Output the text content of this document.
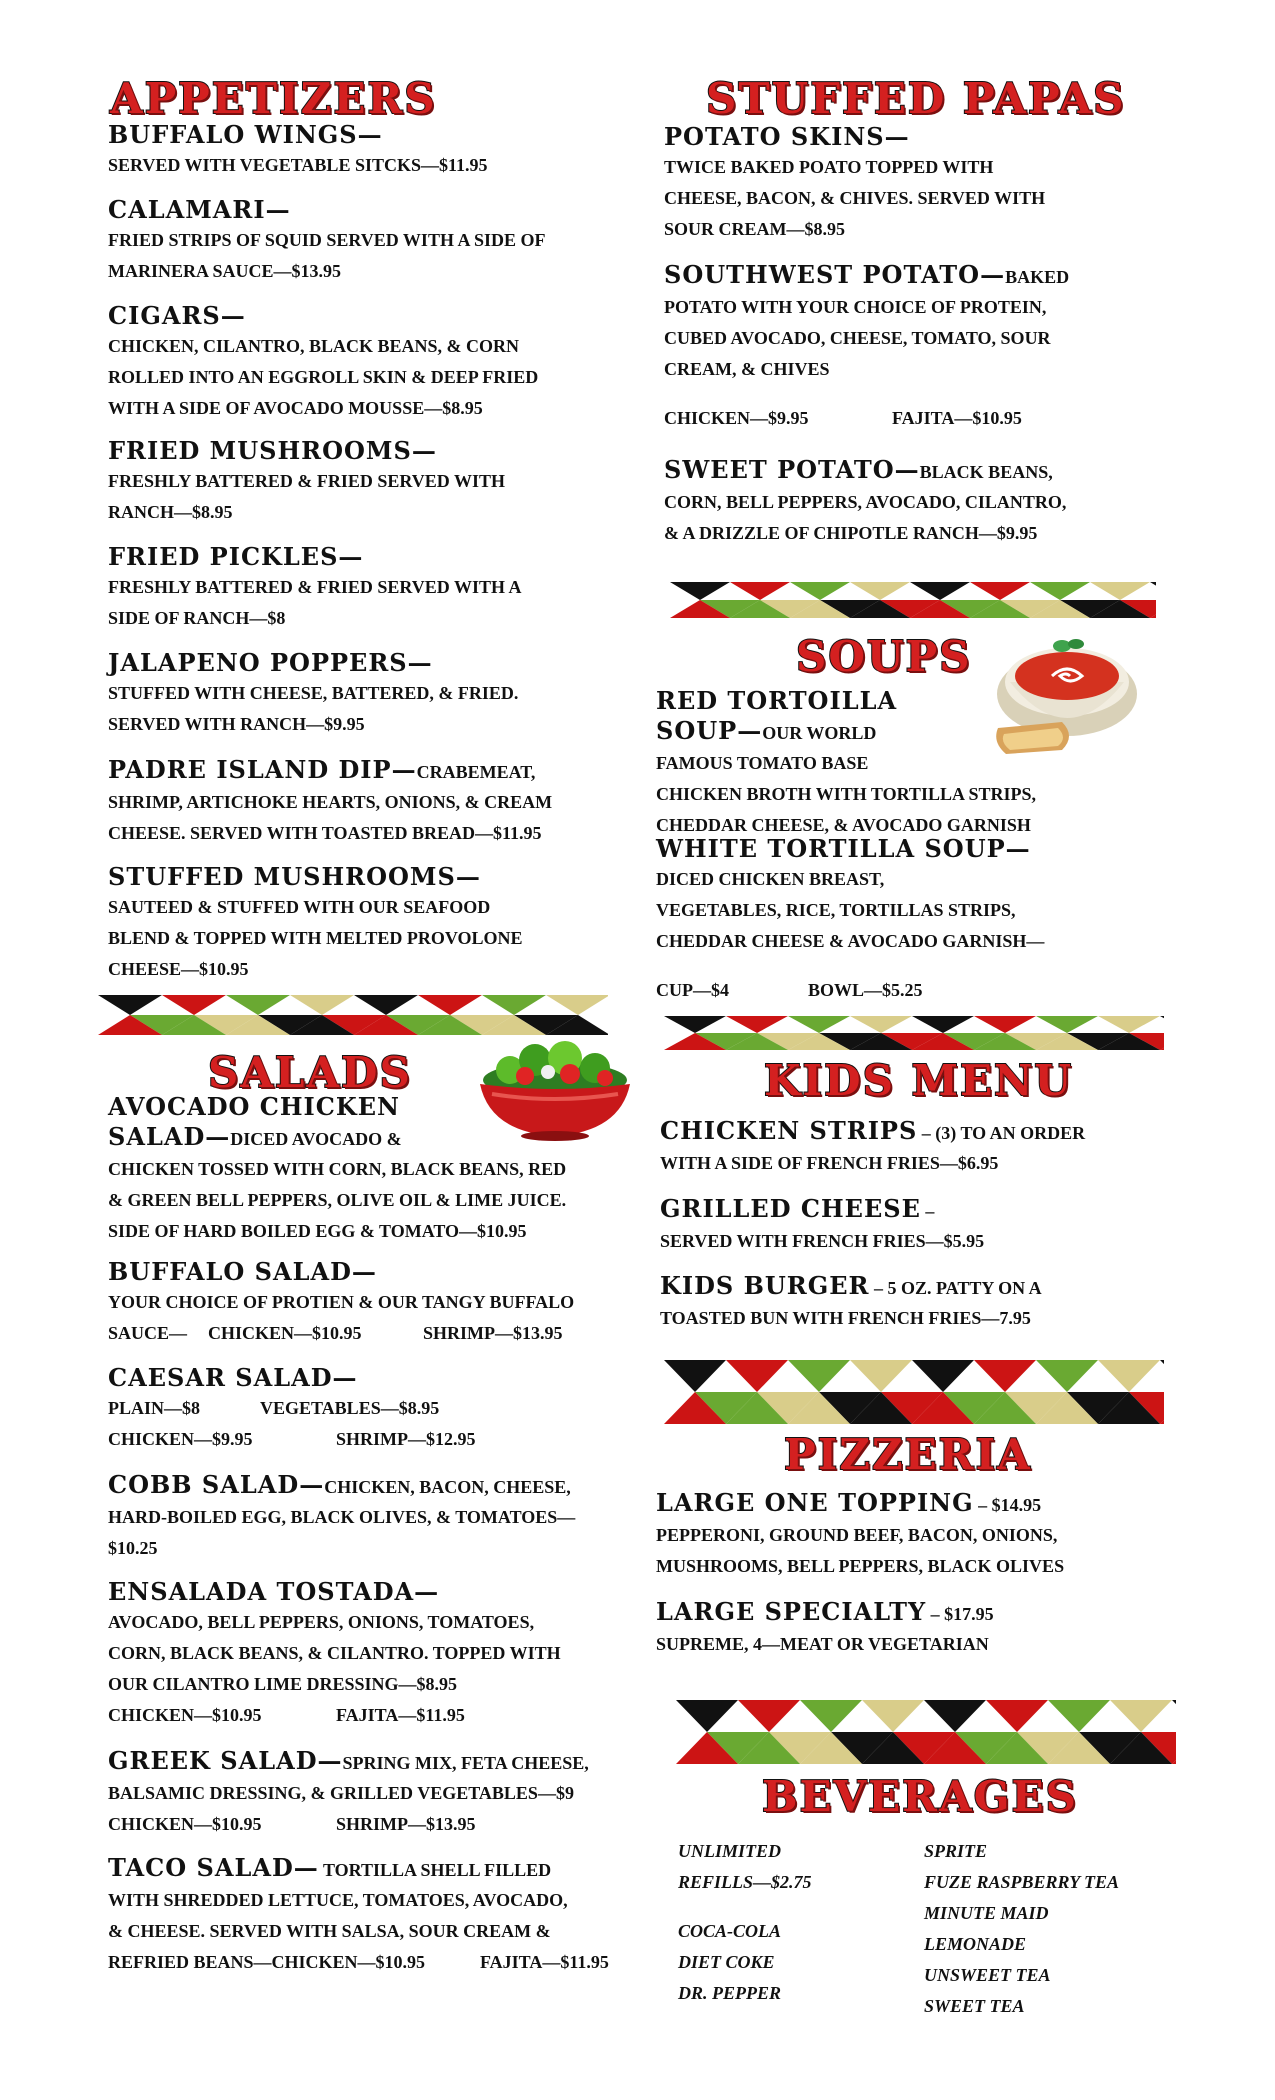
APPETIZERS
BUFFALO WINGS—
SERVED WITH VEGETABLE SITCKS—$11.95
CALAMARI—
FRIED STRIPS OF SQUID SERVED WITH A SIDE OF
MARINERA SAUCE—$13.95
CIGARS—
CHICKEN, CILANTRO, BLACK BEANS, & CORN
ROLLED INTO AN EGGROLL SKIN & DEEP FRIED
WITH A SIDE OF AVOCADO MOUSSE—$8.95
FRIED MUSHROOMS—
FRESHLY BATTERED & FRIED SERVED WITH
RANCH—$8.95
FRIED PICKLES—
FRESHLY BATTERED & FRIED SERVED WITH A
SIDE OF RANCH—$8
JALAPENO POPPERS—
STUFFED WITH CHEESE, BATTERED, & FRIED.
SERVED WITH RANCH—$9.95
PADRE ISLAND DIP—CRABEMEAT,
SHRIMP, ARTICHOKE HEARTS, ONIONS, & CREAM
CHEESE. SERVED WITH TOASTED BREAD—$11.95
STUFFED MUSHROOMS—
SAUTEED & STUFFED WITH OUR SEAFOOD
BLEND & TOPPED WITH MELTED PROVOLONE
CHEESE—$10.95
SALADS
AVOCADO CHICKEN
SALAD—DICED AVOCADO &
CHICKEN TOSSED WITH CORN, BLACK BEANS, RED
& GREEN BELL PEPPERS, OLIVE OIL & LIME JUICE.
SIDE OF HARD BOILED EGG & TOMATO—$10.95
BUFFALO SALAD—
YOUR CHOICE OF PROTIEN & OUR TANGY BUFFALO
SAUCE— CHICKEN—$10.95	SHRIMP—$13.95
CAESAR SALAD—
PLAIN—$8	VEGETABLES—$8.95
CHICKEN—$9.95	SHRIMP—$12.95
COBB SALAD—CHICKEN, BACON, CHEESE,
HARD-BOILED EGG, BLACK OLIVES, & TOMATOES—
$10.25
ENSALADA TOSTADA—
AVOCADO, BELL PEPPERS, ONIONS, TOMATOES,
CORN, BLACK BEANS, & CILANTRO. TOPPED WITH
OUR CILANTRO LIME DRESSING—$8.95
CHICKEN—$10.95	FAJITA—$11.95
GREEK SALAD—SPRING MIX, FETA CHEESE,
BALSAMIC DRESSING, & GRILLED VEGETABLES—$9
CHICKEN—$10.95	SHRIMP—$13.95
TACO SALAD— TORTILLA SHELL FILLED
WITH SHREDDED LETTUCE, TOMATOES, AVOCADO,
& CHEESE. SERVED WITH SALSA, SOUR CREAM &
REFRIED BEANS—CHICKEN—$10.95	FAJITA—$11.95
STUFFED PAPAS
POTATO SKINS—
TWICE BAKED POATO TOPPED WITH
CHEESE, BACON, & CHIVES. SERVED WITH
SOUR CREAM—$8.95
SOUTHWEST POTATO—BAKED
POTATO WITH YOUR CHOICE OF PROTEIN,
CUBED AVOCADO, CHEESE, TOMATO, SOUR
CREAM, & CHIVES
CHICKEN—$9.95	FAJITA—$10.95
SWEET POTATO—BLACK BEANS,
CORN, BELL PEPPERS, AVOCADO, CILANTRO,
& A DRIZZLE OF CHIPOTLE RANCH—$9.95
SOUPS
RED TORTOILLA
SOUP—OUR WORLD
FAMOUS TOMATO BASE
CHICKEN BROTH WITH TORTILLA STRIPS,
CHEDDAR CHEESE, & AVOCADO GARNISH
WHITE TORTILLA SOUP—
DICED CHICKEN BREAST,
VEGETABLES, RICE, TORTILLAS STRIPS,
CHEDDAR CHEESE & AVOCADO GARNISH—
CUP—$4	BOWL—$5.25
KIDS MENU
CHICKEN STRIPS – (3) TO AN ORDER
WITH A SIDE OF FRENCH FRIES—$6.95
GRILLED CHEESE –
SERVED WITH FRENCH FRIES—$5.95
KIDS BURGER – 5 OZ. PATTY ON A
TOASTED BUN WITH FRENCH FRIES—7.95
PIZZERIA
LARGE ONE TOPPING – $14.95
PEPPERONI, GROUND BEEF, BACON, ONIONS,
MUSHROOMS, BELL PEPPERS, BLACK OLIVES
LARGE SPECIALTY – $17.95
SUPREME, 4—MEAT OR VEGETARIAN
BEVERAGES
UNLIMITED
REFILLS—$2.75
COCA-COLA
DIET COKE
DR. PEPPER
SPRITE
FUZE RASPBERRY TEA
MINUTE MAID
LEMONADE
UNSWEET TEA
SWEET TEA
